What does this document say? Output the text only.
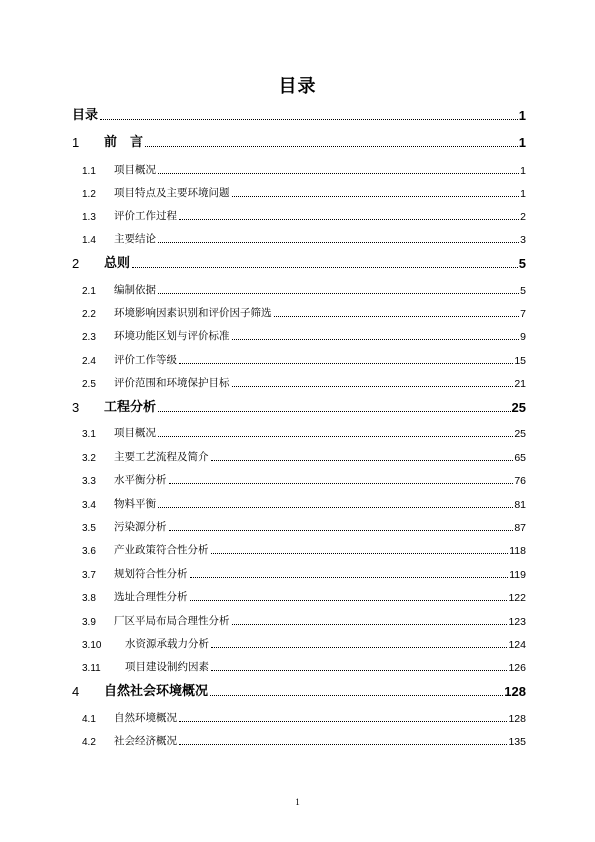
目录
目录	1
1	前　言	1
1.1	项目概况	1
1.2	项目特点及主要环境问题	1
1.3	评价工作过程	2
1.4	主要结论	3
2	总则	5
2.1	编制依据	5
2.2	环境影响因素识别和评价因子筛选	7
2.3	环境功能区划与评价标准	9
2.4	评价工作等级	15
2.5	评价范围和环境保护目标	21
3	工程分析	25
3.1	项目概况	25
3.2	主要工艺流程及简介	65
3.3	水平衡分析	76
3.4	物料平衡	81
3.5	污染源分析	87
3.6	产业政策符合性分析	118
3.7	规划符合性分析	119
3.8	选址合理性分析	122
3.9	厂区平局布局合理性分析	123
3.10	水资源承载力分析	124
3.11	项目建设制约因素	126
4	自然社会环境概况	128
4.1	自然环境概况	128
4.2	社会经济概况	135
1
